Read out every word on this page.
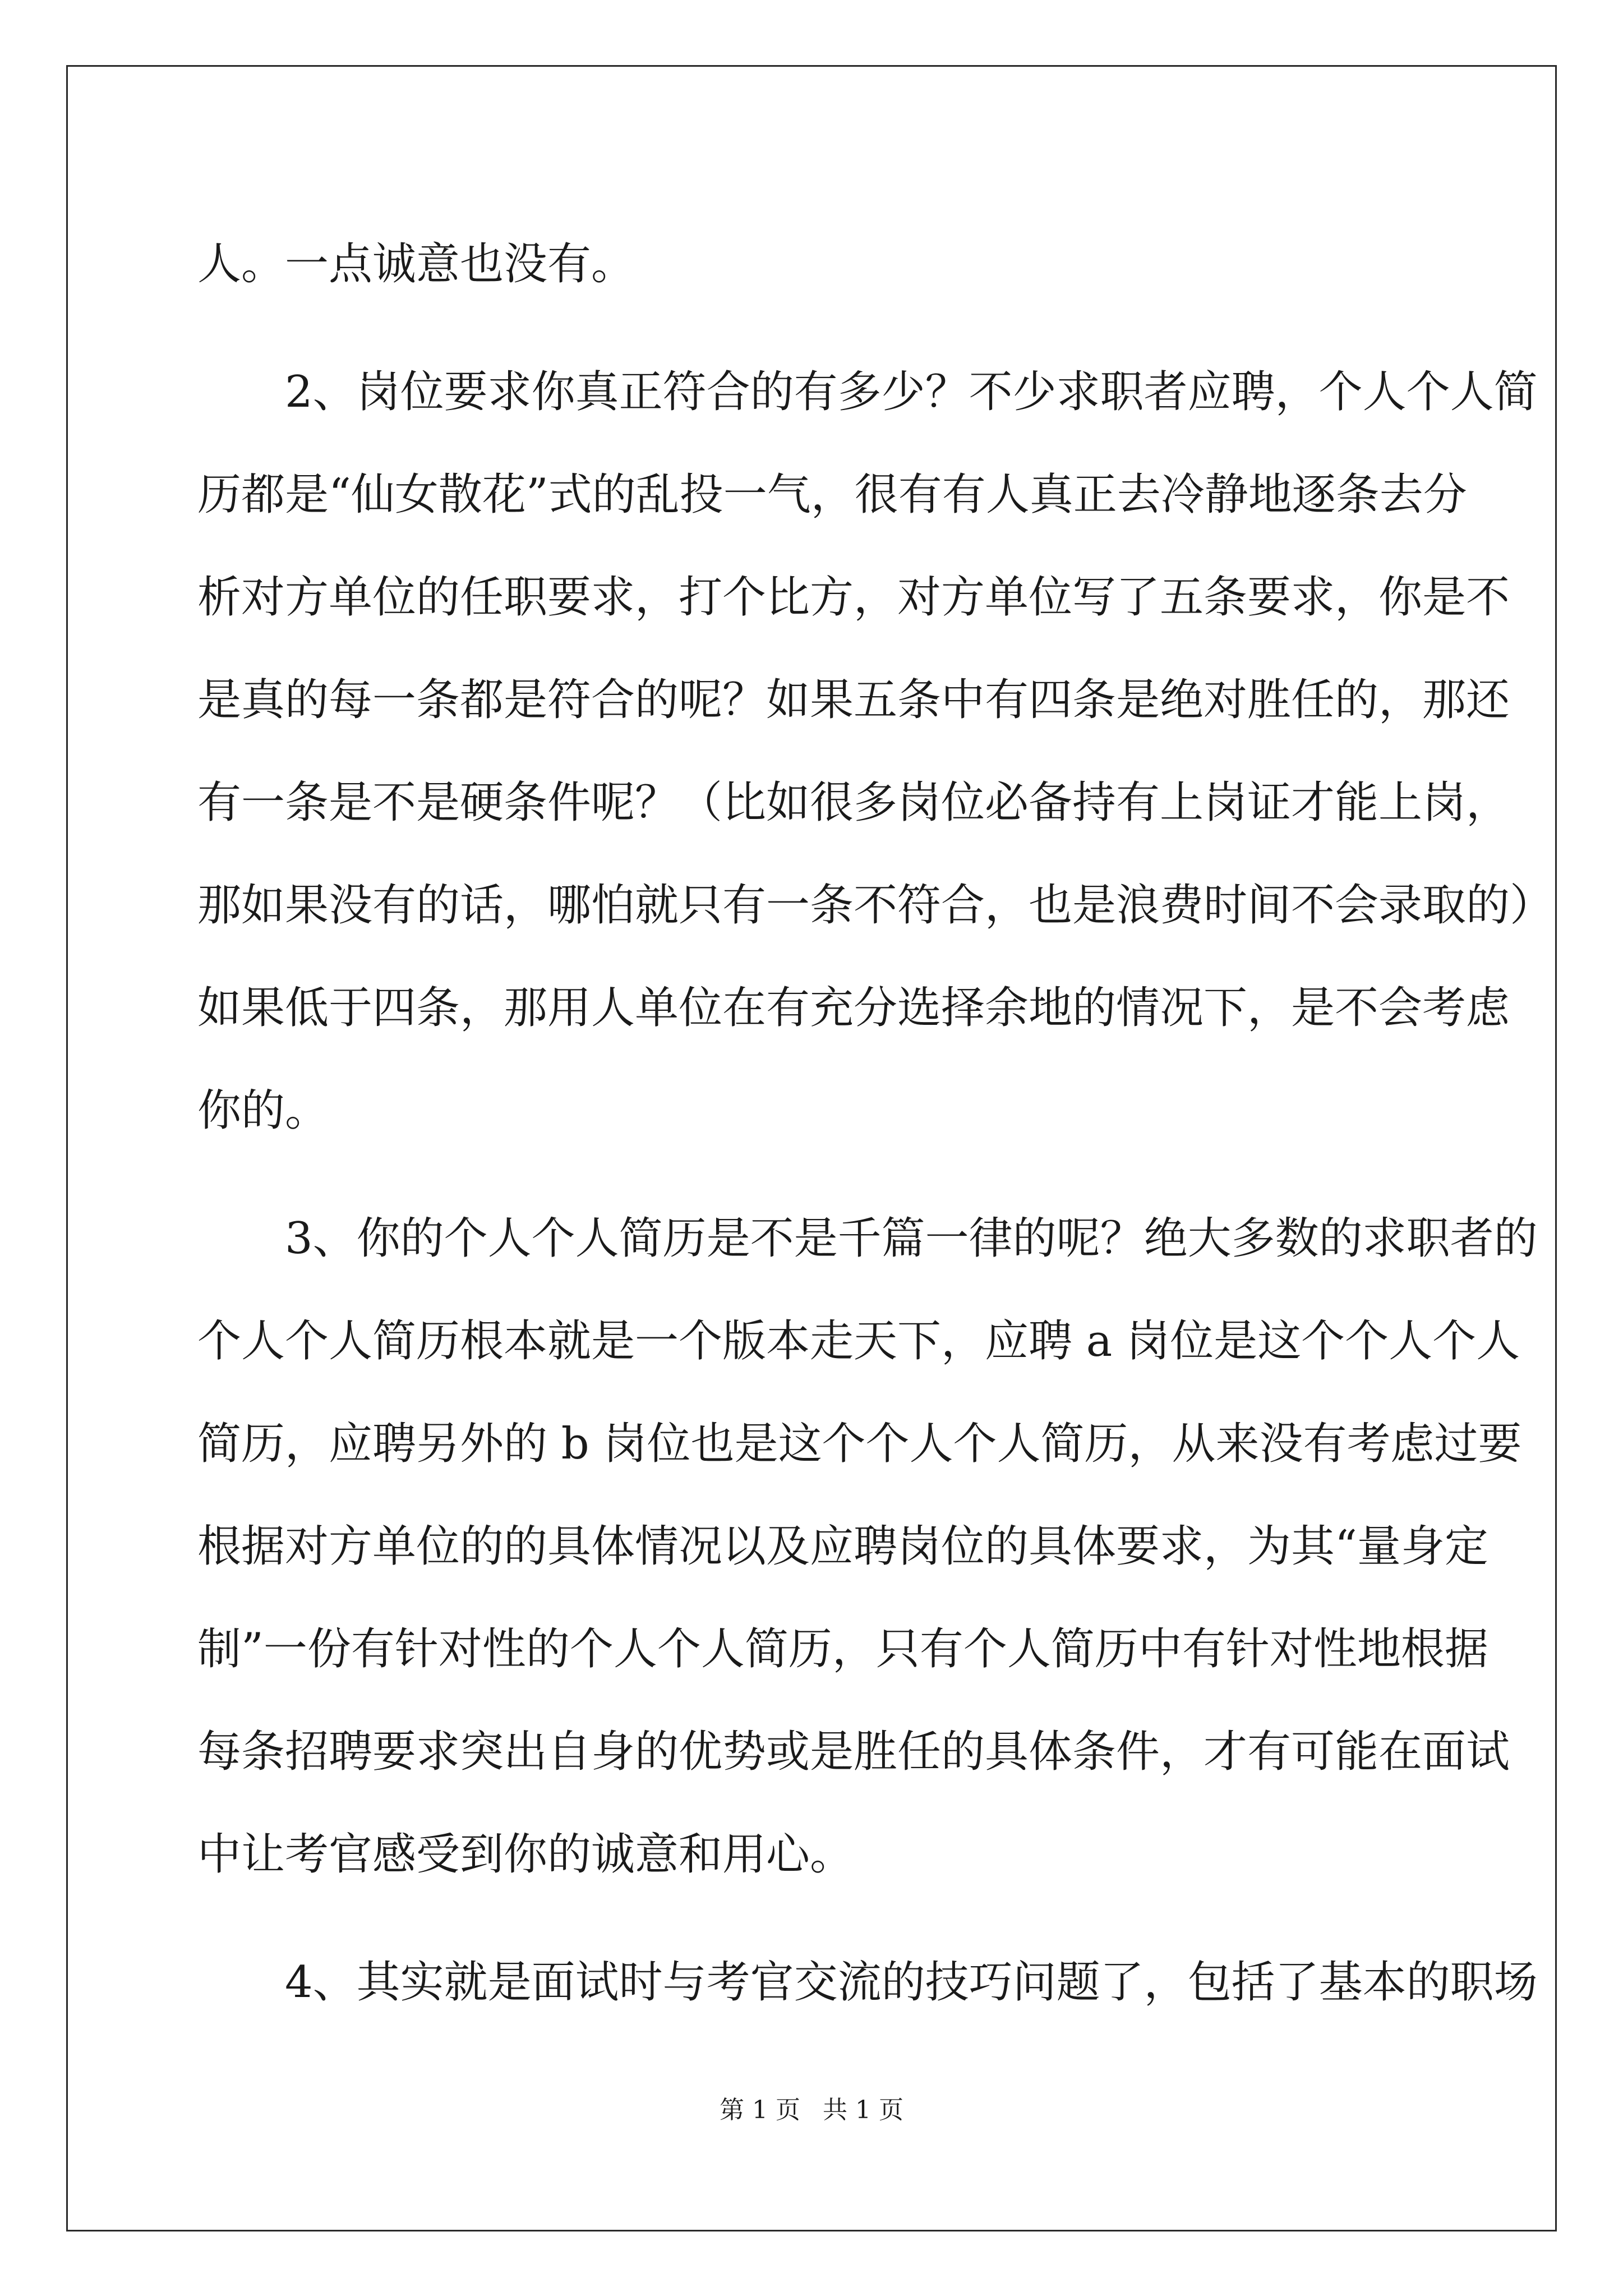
人。一点诚意也没有。
2、岗位要求你真正符合的有多少？不少求职者应聘，个人个人简
历都是“仙女散花”式的乱投一气，很有有人真正去冷静地逐条去分
析对方单位的任职要求，打个比方，对方单位写了五条要求，你是不
是真的每一条都是符合的呢？如果五条中有四条是绝对胜任的，那还
有一条是不是硬条件呢？（比如很多岗位必备持有上岗证才能上岗，
那如果没有的话，哪怕就只有一条不符合，也是浪费时间不会录取的）
如果低于四条，那用人单位在有充分选择余地的情况下，是不会考虑
你的。
3、你的个人个人简历是不是千篇一律的呢？绝大多数的求职者的
个人个人简历根本就是一个版本走天下，应聘 a 岗位是这个个人个人
简历，应聘另外的 b 岗位也是这个个人个人简历，从来没有考虑过要
根据对方单位的的具体情况以及应聘岗位的具体要求，为其“量身定
制”一份有针对性的个人个人简历，只有个人简历中有针对性地根据
每条招聘要求突出自身的优势或是胜任的具体条件，才有可能在面试
中让考官感受到你的诚意和用心。
4、其实就是面试时与考官交流的技巧问题了，包括了基本的职场
第 1 页 共 1 页
